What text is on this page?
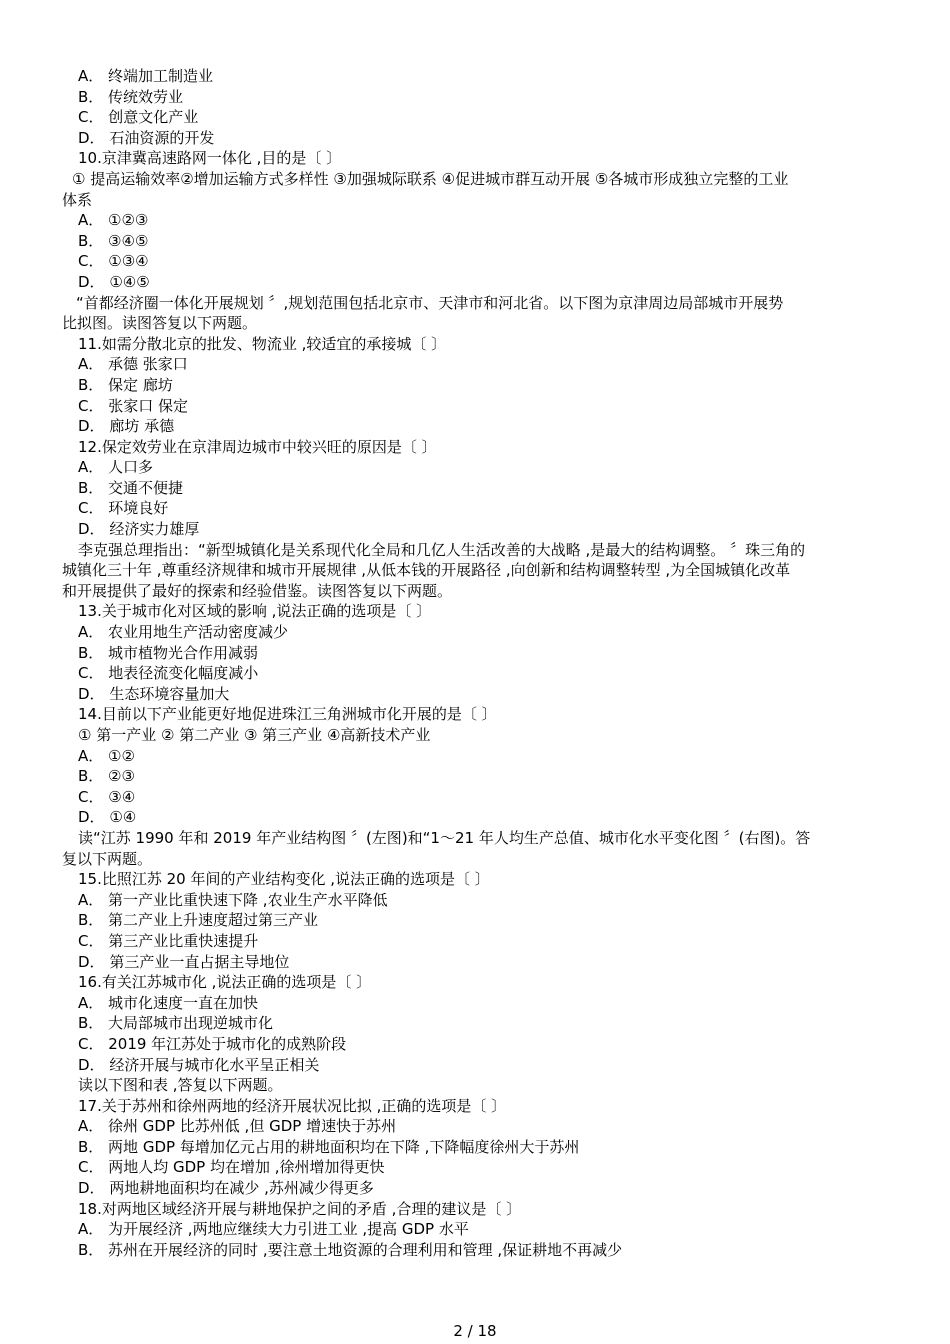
A． 终端加工制造业
B． 传统效劳业
C． 创意文化产业
D． 石油资源的开发
10.京津冀高速路网一体化 ,目的是〔 〕
① 提高运输效率②增加运输方式多样性 ③加强城际联系 ④促进城市群互动开展 ⑤各城市形成独立完整的工业
体系
A． ①②③
B． ③④⑤
C． ①③④
D． ①④⑤
“首都经济圈一体化开展规划 〞,规划范围包括北京市、天津市和河北省。以下图为京津周边局部城市开展势
比拟图。读图答复以下两题。
11.如需分散北京的批发、物流业 ,较适宜的承接城〔 〕
A． 承德 张家口
B． 保定 廊坊
C． 张家口 保定
D． 廊坊 承德
12.保定效劳业在京津周边城市中较兴旺的原因是〔 〕
A． 人口多
B． 交通不便捷
C． 环境良好
D． 经济实力雄厚
李克强总理指出：“新型城镇化是关系现代化全局和几亿人生活改善的大战略 ,是最大的结构调整。 〞珠三角的
城镇化三十年 ,尊重经济规律和城市开展规律 ,从低本钱的开展路径 ,向创新和结构调整转型 ,为全国城镇化改革
和开展提供了最好的探索和经验借鉴。读图答复以下两题。
13.关于城市化对区域的影响 ,说法正确的选项是〔 〕
A． 农业用地生产活动密度减少
B． 城市植物光合作用减弱
C． 地表径流变化幅度减小
D． 生态环境容量加大
14.目前以下产业能更好地促进珠江三角洲城市化开展的是〔 〕
① 第一产业 ② 第二产业 ③ 第三产业 ④高新技术产业
A． ①②
B． ②③
C． ③④
D． ①④
读“江苏 1990 年和 2019 年产业结构图 〞(左图)和“1～21 年人均生产总值、城市化水平变化图 〞(右图)。答
复以下两题。
15.比照江苏 20 年间的产业结构变化 ,说法正确的选项是〔 〕
A． 第一产业比重快速下降 ,农业生产水平降低
B． 第二产业上升速度超过第三产业
C． 第三产业比重快速提升
D． 第三产业一直占据主导地位
16.有关江苏城市化 ,说法正确的选项是〔 〕
A． 城市化速度一直在加快
B． 大局部城市出现逆城市化
C． 2019 年江苏处于城市化的成熟阶段
D． 经济开展与城市化水平呈正相关
读以下图和表 ,答复以下两题。
17.关于苏州和徐州两地的经济开展状况比拟 ,正确的选项是〔 〕
A． 徐州 GDP 比苏州低 ,但 GDP 增速快于苏州
B． 两地 GDP 每增加亿元占用的耕地面积均在下降 ,下降幅度徐州大于苏州
C． 两地人均 GDP 均在增加 ,徐州增加得更快
D． 两地耕地面积均在减少 ,苏州减少得更多
18.对两地区域经济开展与耕地保护之间的矛盾 ,合理的建议是〔 〕
A． 为开展经济 ,两地应继续大力引进工业 ,提高 GDP 水平
B． 苏州在开展经济的同时 ,要注意土地资源的合理利用和管理 ,保证耕地不再减少
2 / 18
